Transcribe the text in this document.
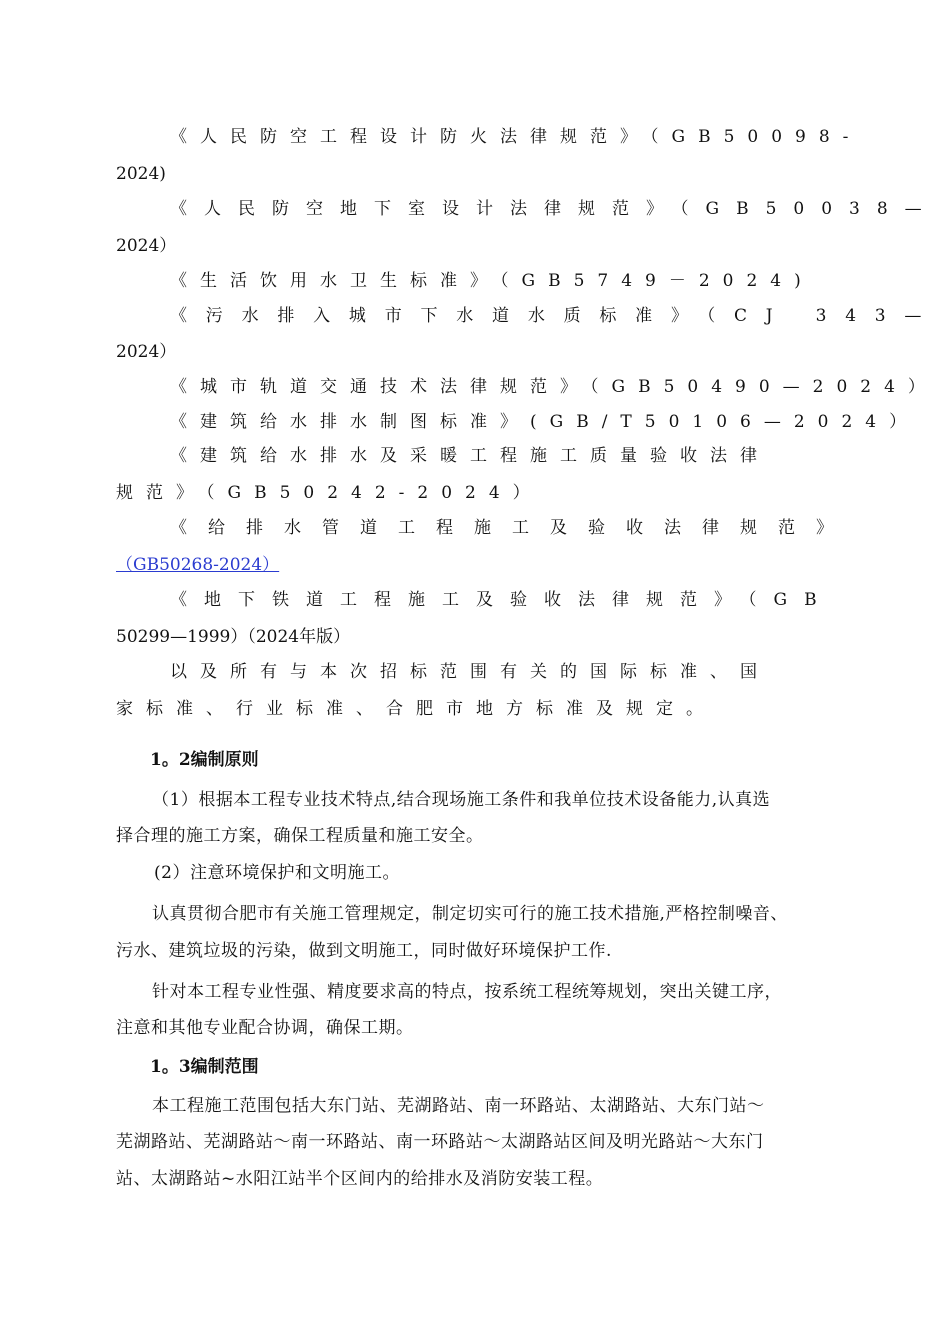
《人民防空工程设计防火法律规范》（GB50098-
2024)
《人民防空地下室设计法律规范》（GB50038—
2024）
《生活饮用水卫生标准》（GB5749－2024)
《污水排入城市下水道水质标准》（CJ 343—
2024）
《城市轨道交通技术法律规范》（GB50490—2024）
《建筑给水排水制图标准》(GB/T50106—2024）
《建筑给水排水及采暖工程施工质量验收法律
规范》（GB50242-2024）
《给排水管道工程施工及验收法律规范》
（GB50268-2024）
《地下铁道工程施工及验收法律规范》（GB
50299—1999）（2024年版）
以及所有与本次招标范围有关的国际标准、国
家标准、行业标准、合肥市地方标准及规定。
1。2编制原则
（1）根据本工程专业技术特点,结合现场施工条件和我单位技术设备能力,认真选
择合理的施工方案，确保工程质量和施工安全。
(2）注意环境保护和文明施工。
认真贯彻合肥市有关施工管理规定，制定切实可行的施工技术措施,严格控制噪音、
污水、建筑垃圾的污染，做到文明施工，同时做好环境保护工作.
针对本工程专业性强、精度要求高的特点，按系统工程统筹规划，突出关键工序，
注意和其他专业配合协调，确保工期。
1。3编制范围
本工程施工范围包括大东门站、芜湖路站、南一环路站、太湖路站、大东门站～
芜湖路站、芜湖路站～南一环路站、南一环路站～太湖路站区间及明光路站～大东门
站、太湖路站~水阳江站半个区间内的给排水及消防安装工程。
